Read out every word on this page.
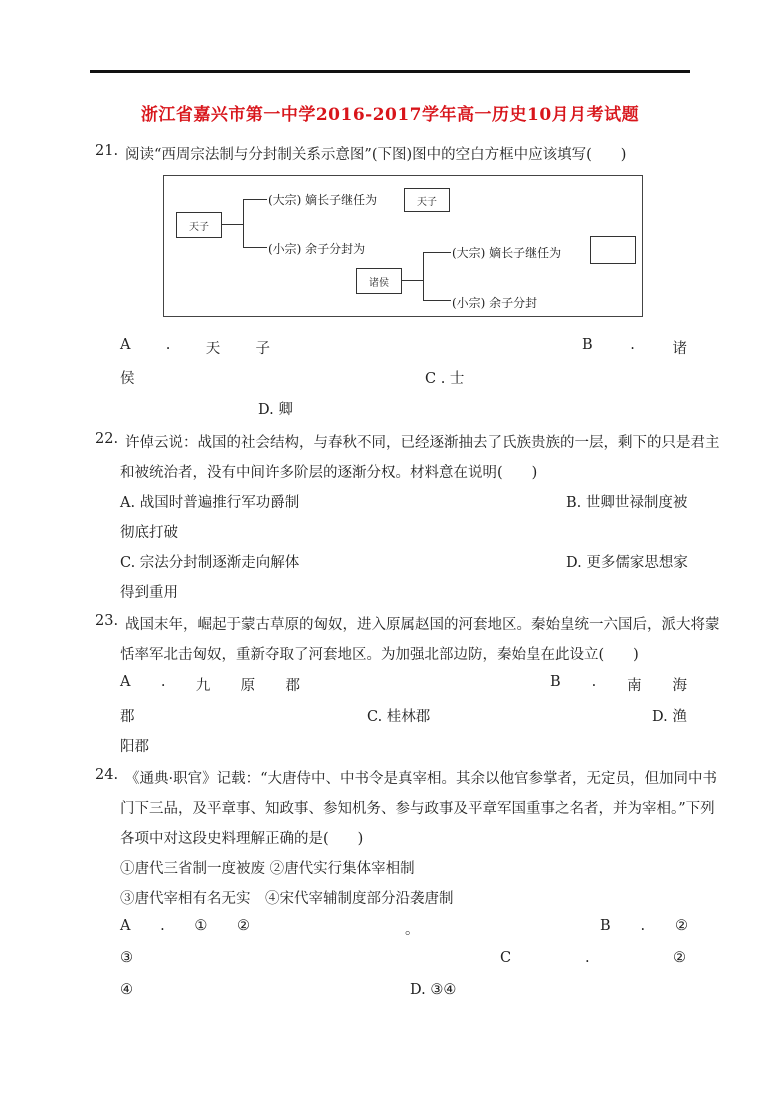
浙江省嘉兴市第一中学2016-2017学年高一历史10月月考试题
21. 阅读“西周宗法制与分封制关系示意图”(下图)图中的空白方框中应该填写(　　)
天子
(大宗) 嫡长子继任为	天子
(小宗) 余子分封为
诸侯
(大宗) 嫡长子继任为
(小宗) 余子分封
A . 天 子	B	.	诸
侯	C . 士
D. 卿
22. 许倬云说：战国的社会结构，与春秋不同，已经逐渐抽去了氏族贵族的一层，剩下的只是君主
和被统治者，没有中间许多阶层的逐渐分权。材料意在说明(　　)
A. 战国时普遍推行军功爵制	B. 世卿世禄制度被
彻底打破
C. 宗法分封制逐渐走向解体	D. 更多儒家思想家
得到重用
23. 战国末年，崛起于蒙古草原的匈奴，进入原属赵国的河套地区。秦始皇统一六国后，派大将蒙
恬率军北击匈奴，重新夺取了河套地区。为加强北部边防，秦始皇在此设立(　　)
A . 九 原 郡	B . 南 海
郡	C. 桂林郡	D. 渔
阳郡
24. 《通典·职官》记载：“大唐侍中、中书令是真宰相。其余以他官参掌者，无定员，但加同中书
门下三品，及平章事、知政事、参知机务、参与政事及平章军国重事之名者，并为宰相。”下列
各项中对这段史料理解正确的是(　　)
①唐代三省制一度被废 ②唐代实行集体宰相制
③唐代宰相有名无实　④宋代宰辅制度部分沿袭唐制
A . ① ②	。	B . ②
③	C	.	②
④	D. ③④
